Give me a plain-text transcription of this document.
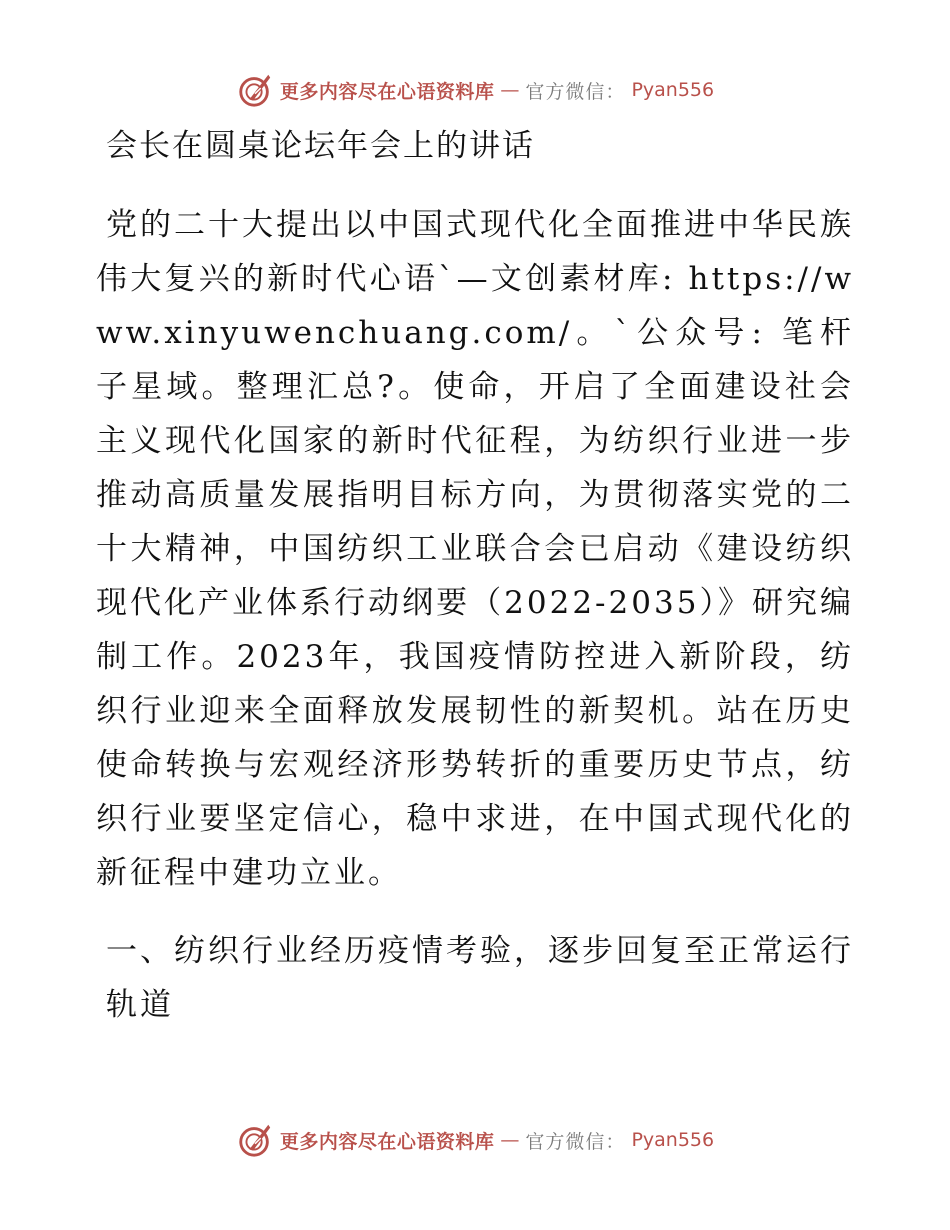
更多内容尽在心语资料库 — 官方微信： Pyan556
会长在圆桌论坛年会上的讲话

党的二十大提出以中国式现代化全面推进中华民族伟大复兴的新时代心语`—文创素材库: https://www.xinyuwenchuang.com/。`公众号: 笔杆子星域。整理汇总?。使命，开启了全面建设社会主义现代化国家的新时代征程，为纺织行业进一步推动高质量发展指明目标方向，为贯彻落实党的二十大精神，中国纺织工业联合会已启动《建设纺织现代化产业体系行动纲要（2022-2035）》研究编制工作。2023年，我国疫情防控进入新阶段，纺织行业迎来全面释放发展韧性的新契机。站在历史使命转换与宏观经济形势转折的重要历史节点，纺织行业要坚定信心，稳中求进，在中国式现代化的新征程中建功立业。

一、纺织行业经历疫情考验，逐步回复至正常运行轨道
更多内容尽在心语资料库 — 官方微信： Pyan556
